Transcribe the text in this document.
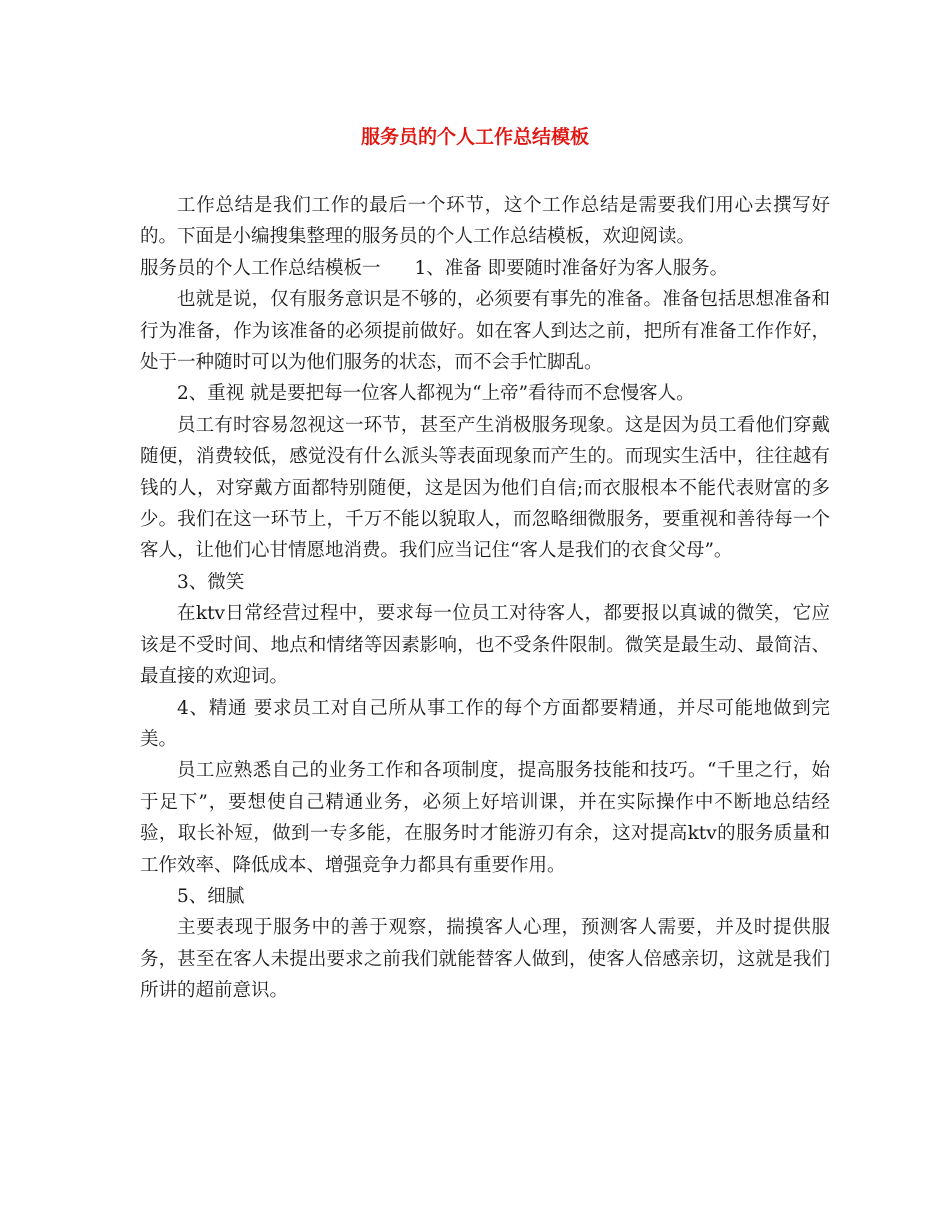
服务员的个人工作总结模板

工作总结是我们工作的最后一个环节，这个工作总结是需要我们用心去撰写好的。下面是小编搜集整理的服务员的个人工作总结模板，欢迎阅读。

服务员的个人工作总结模板一 1、准备 即要随时准备好为客人服务。

也就是说，仅有服务意识是不够的，必须要有事先的准备。准备包括思想准备和行为准备，作为该准备的必须提前做好。如在客人到达之前，把所有准备工作作好，处于一种随时可以为他们服务的状态，而不会手忙脚乱。

2、重视 就是要把每一位客人都视为“上帝”看待而不怠慢客人。

员工有时容易忽视这一环节，甚至产生消极服务现象。这是因为员工看他们穿戴随便，消费较低，感觉没有什么派头等表面现象而产生的。而现实生活中，往往越有钱的人，对穿戴方面都特别随便，这是因为他们自信;而衣服根本不能代表财富的多少。我们在这一环节上，千万不能以貌取人，而忽略细微服务，要重视和善待每一个客人，让他们心甘情愿地消费。我们应当记住“客人是我们的衣食父母”。

3、微笑

在ktv日常经营过程中，要求每一位员工对待客人，都要报以真诚的微笑，它应该是不受时间、地点和情绪等因素影响，也不受条件限制。微笑是最生动、最简洁、最直接的欢迎词。

4、精通 要求员工对自己所从事工作的每个方面都要精通，并尽可能地做到完美。

员工应熟悉自己的业务工作和各项制度，提高服务技能和技巧。“千里之行，始于足下”，要想使自己精通业务，必须上好培训课，并在实际操作中不断地总结经验，取长补短，做到一专多能，在服务时才能游刃有余，这对提高ktv的服务质量和工作效率、降低成本、增强竞争力都具有重要作用。

5、细腻

主要表现于服务中的善于观察，揣摸客人心理，预测客人需要，并及时提供服务，甚至在客人未提出要求之前我们就能替客人做到，使客人倍感亲切，这就是我们所讲的超前意识。
